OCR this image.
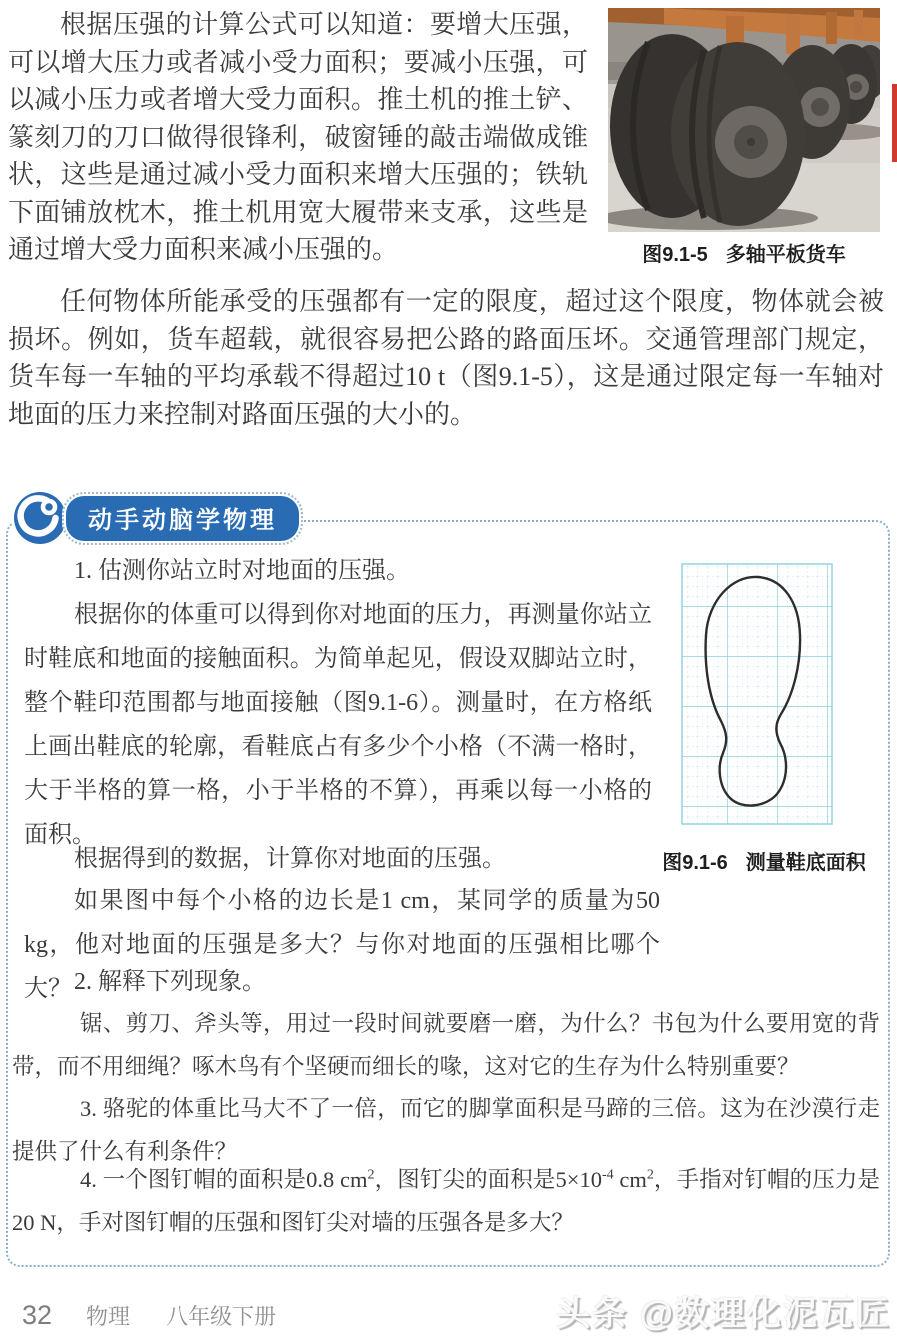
根据压强的计算公式可以知道：要增大压强，可以增大压力或者减小受力面积；要减小压强，可以减小压力或者增大受力面积。推土机的推土铲、篆刻刀的刀口做得很锋利，破窗锤的敲击端做成锥状，这些是通过减小受力面积来增大压强的；铁轨下面铺放枕木，推土机用宽大履带来支承，这些是通过增大受力面积来减小压强的。

任何物体所能承受的压强都有一定的限度，超过这个限度，物体就会被损坏。例如，货车超载，就很容易把公路的路面压坏。交通管理部门规定，货车每一车轴的平均承载不得超过10 t（图9.1-5），这是通过限定每一车轴对地面的压力来控制对路面压强的大小的。

图9.1-5 多轴平板货车
动手动脑学物理

1. 估测你站立时对地面的压强。

根据你的体重可以得到你对地面的压力，再测量你站立时鞋底和地面的接触面积。为简单起见，假设双脚站立时，整个鞋印范围都与地面接触（图9.1-6）。测量时，在方格纸上画出鞋底的轮廓，看鞋底占有多少个小格（不满一格时，大于半格的算一格，小于半格的不算），再乘以每一小格的面积。

根据得到的数据，计算你对地面的压强。

如果图中每个小格的边长是1 cm，某同学的质量为50 kg，他对地面的压强是多大？与你对地面的压强相比哪个大？ 2. 解释下列现象。

锯、剪刀、斧头等，用过一段时间就要磨一磨，为什么？书包为什么要用宽的背带，而不用细绳？啄木鸟有个坚硬而细长的喙，这对它的生存为什么特别重要？

3. 骆驼的体重比马大不了一倍，而它的脚掌面积是马蹄的三倍。这为在沙漠行走提供了什么有利条件？

4. 一个图钉帽的面积是0.8 $cm^2$，图钉尖的面积是$5\times 10^{-4}$ $cm^2$，手指对钉帽的压力是20 N，手对图钉帽的压强和图钉尖对墙的压强各是多大？

图9.1-6 测量鞋底面积
32 物理 八年级下册	头条 @数理化泥瓦匠
